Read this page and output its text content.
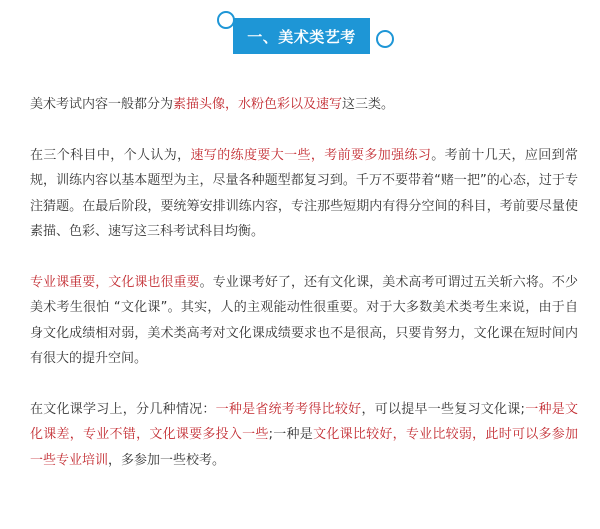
一、美术类艺考

美术考试内容一般都分为素描头像，水粉色彩以及速写这三类。

在三个科目中，个人认为，速写的练度要大一些，考前要多加强练习。考前十几天，应回到常规，训练内容以基本题型为主，尽量各种题型都复习到。千万不要带着“赌一把”的心态，过于专注猜题。在最后阶段，要统筹安排训练内容，专注那些短期内有得分空间的科目，考前要尽量使素描、色彩、速写这三科考试科目均衡。

专业课重要，文化课也很重要。专业课考好了，还有文化课，美术高考可谓过五关斩六将。不少美术考生很怕 “文化课”。其实，人的主观能动性很重要。对于大多数美术类考生来说，由于自身文化成绩相对弱，美术类高考对文化课成绩要求也不是很高，只要肯努力，文化课在短时间内有很大的提升空间。

在文化课学习上，分几种情况：一种是省统考考得比较好，可以提早一些复习文化课;一种是文化课差，专业不错，文化课要多投入一些;一种是文化课比较好，专业比较弱，此时可以多参加一些专业培训，多参加一些校考。
